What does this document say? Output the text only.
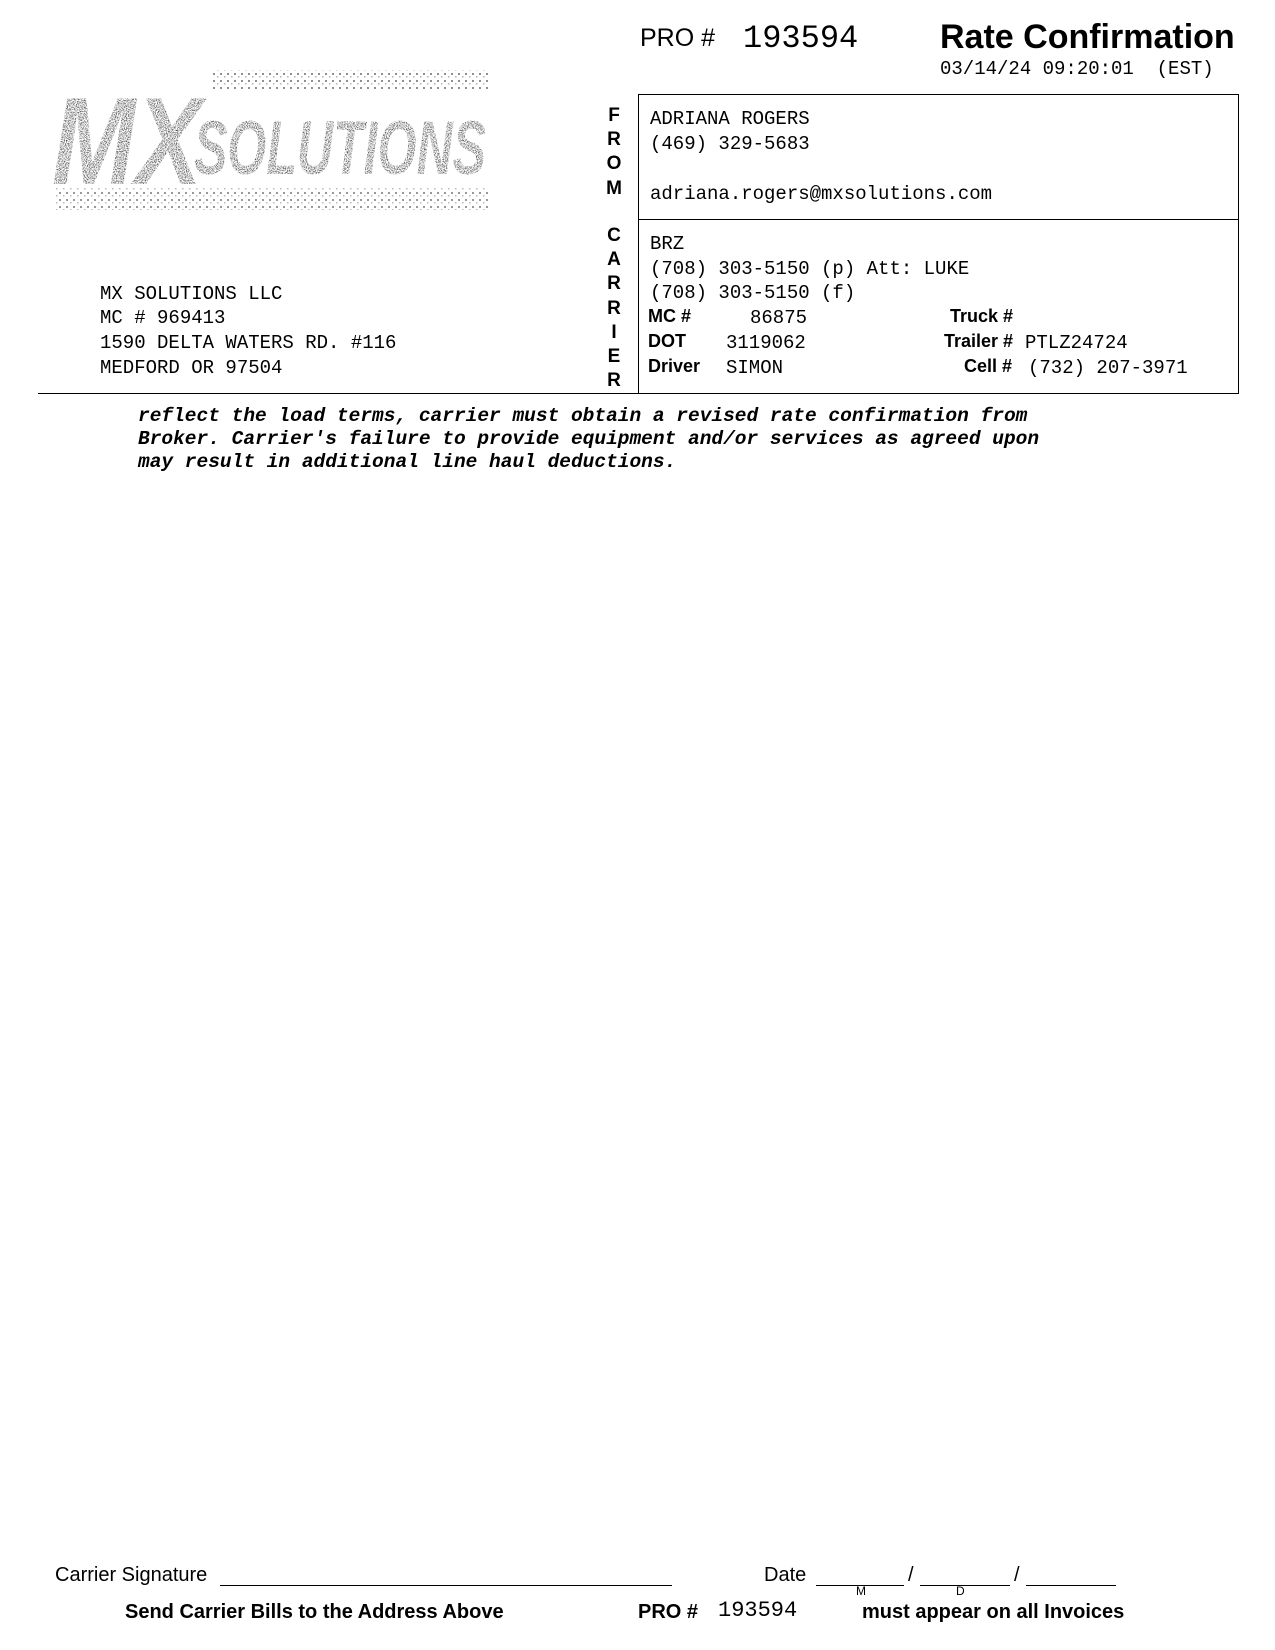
PRO # 193594 Rate Confirmation
03/14/24 09:20:01  (EST)
MX
SOLUTIONS
MX SOLUTIONS LLC
MC # 969413
1590 DELTA WATERS RD. #116
MEDFORD OR 97504
F
R
O
M
C
A
R
R
I
E
R
ADRIANA ROGERS
(469) 329-5683
adriana.rogers@mxsolutions.com
BRZ
(708) 303-5150 (p) Att: LUKE
(708) 303-5150 (f)
MC #	86875	Truck #
DOT 3119062	Trailer # PTLZ24724
Driver SIMON	Cell # (732) 207-3971
reflect the load terms, carrier must obtain a revised rate confirmation from
Broker. Carrier's failure to provide equipment and/or services as agreed upon
may result in additional line haul deductions.
Carrier Signature	Date	/	/
M	D
Send Carrier Bills to the Address Above	PRO # 193594	must appear on all Invoices
